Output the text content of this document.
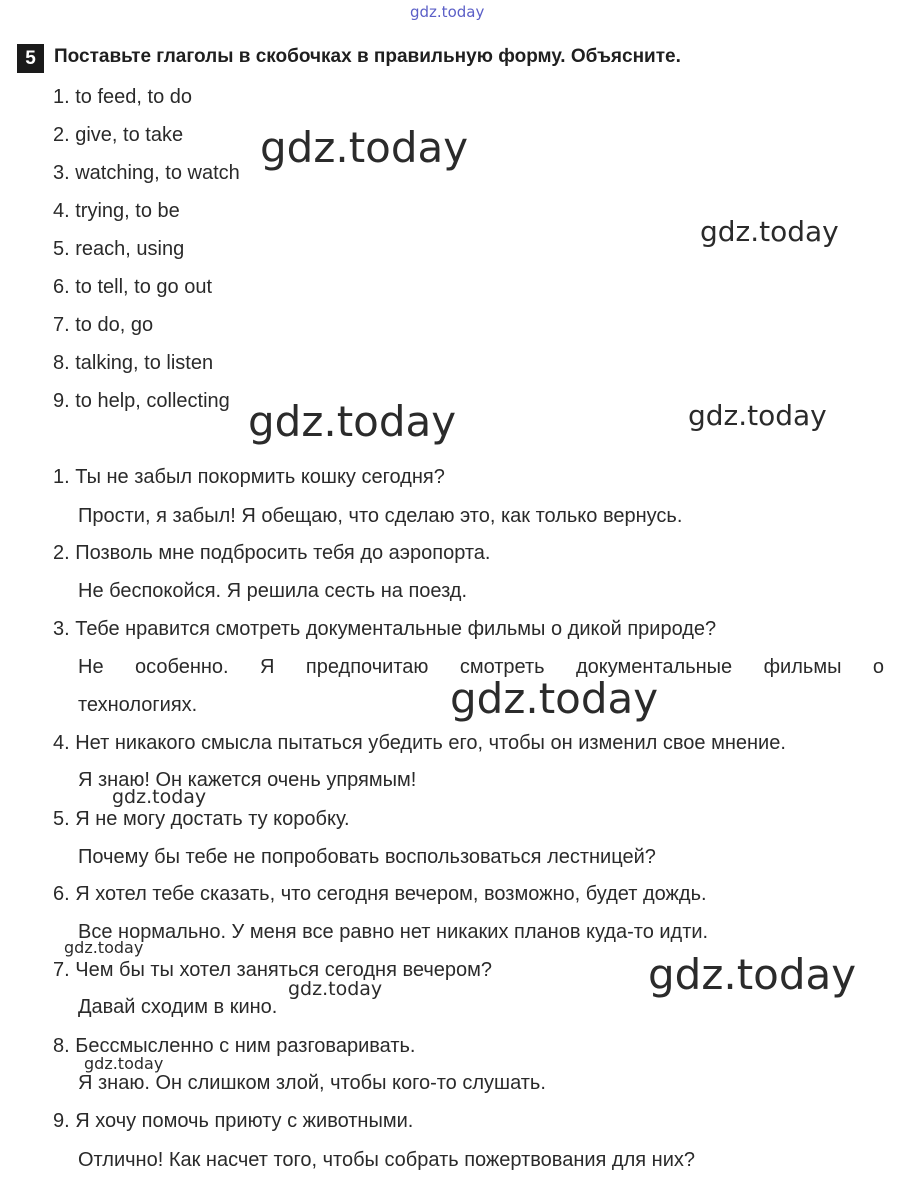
gdz.today
5 Поставьте глаголы в скобочках в правильную форму. Объясните.
1. to feed, to do
2. give, to take
3. watching, to watch
4. trying, to be
5. reach, using
6. to tell, to go out
7. to do, go
8. talking, to listen
9. to help, collecting
1. Ты не забыл покормить кошку сегодня?
Прости, я забыл! Я обещаю, что сделаю это, как только вернусь.
2. Позволь мне подбросить тебя до аэропорта.
Не беспокойся. Я решила сесть на поезд.
3. Тебе нравится смотреть документальные фильмы о дикой природе?
Не особенно. Я предпочитаю смотреть документальные фильмы о
технологиях.
4. Нет никакого смысла пытаться убедить его, чтобы он изменил свое мнение.
Я знаю! Он кажется очень упрямым!
5. Я не могу достать ту коробку.
Почему бы тебе не попробовать воспользоваться лестницей?
6. Я хотел тебе сказать, что сегодня вечером, возможно, будет дождь.
Все нормально. У меня все равно нет никаких планов куда-то идти.
7. Чем бы ты хотел заняться сегодня вечером?
Давай сходим в кино.
8. Бессмысленно с ним разговаривать.
Я знаю. Он слишком злой, чтобы кого-то слушать.
9. Я хочу помочь приюту с животными.
Отлично! Как насчет того, чтобы собрать пожертвования для них?
gdz.today
gdz.today
gdz.today	gdz.today
gdz.today
gdz.today
gdz.today
gdz.today
gdz.today
gdz.today
